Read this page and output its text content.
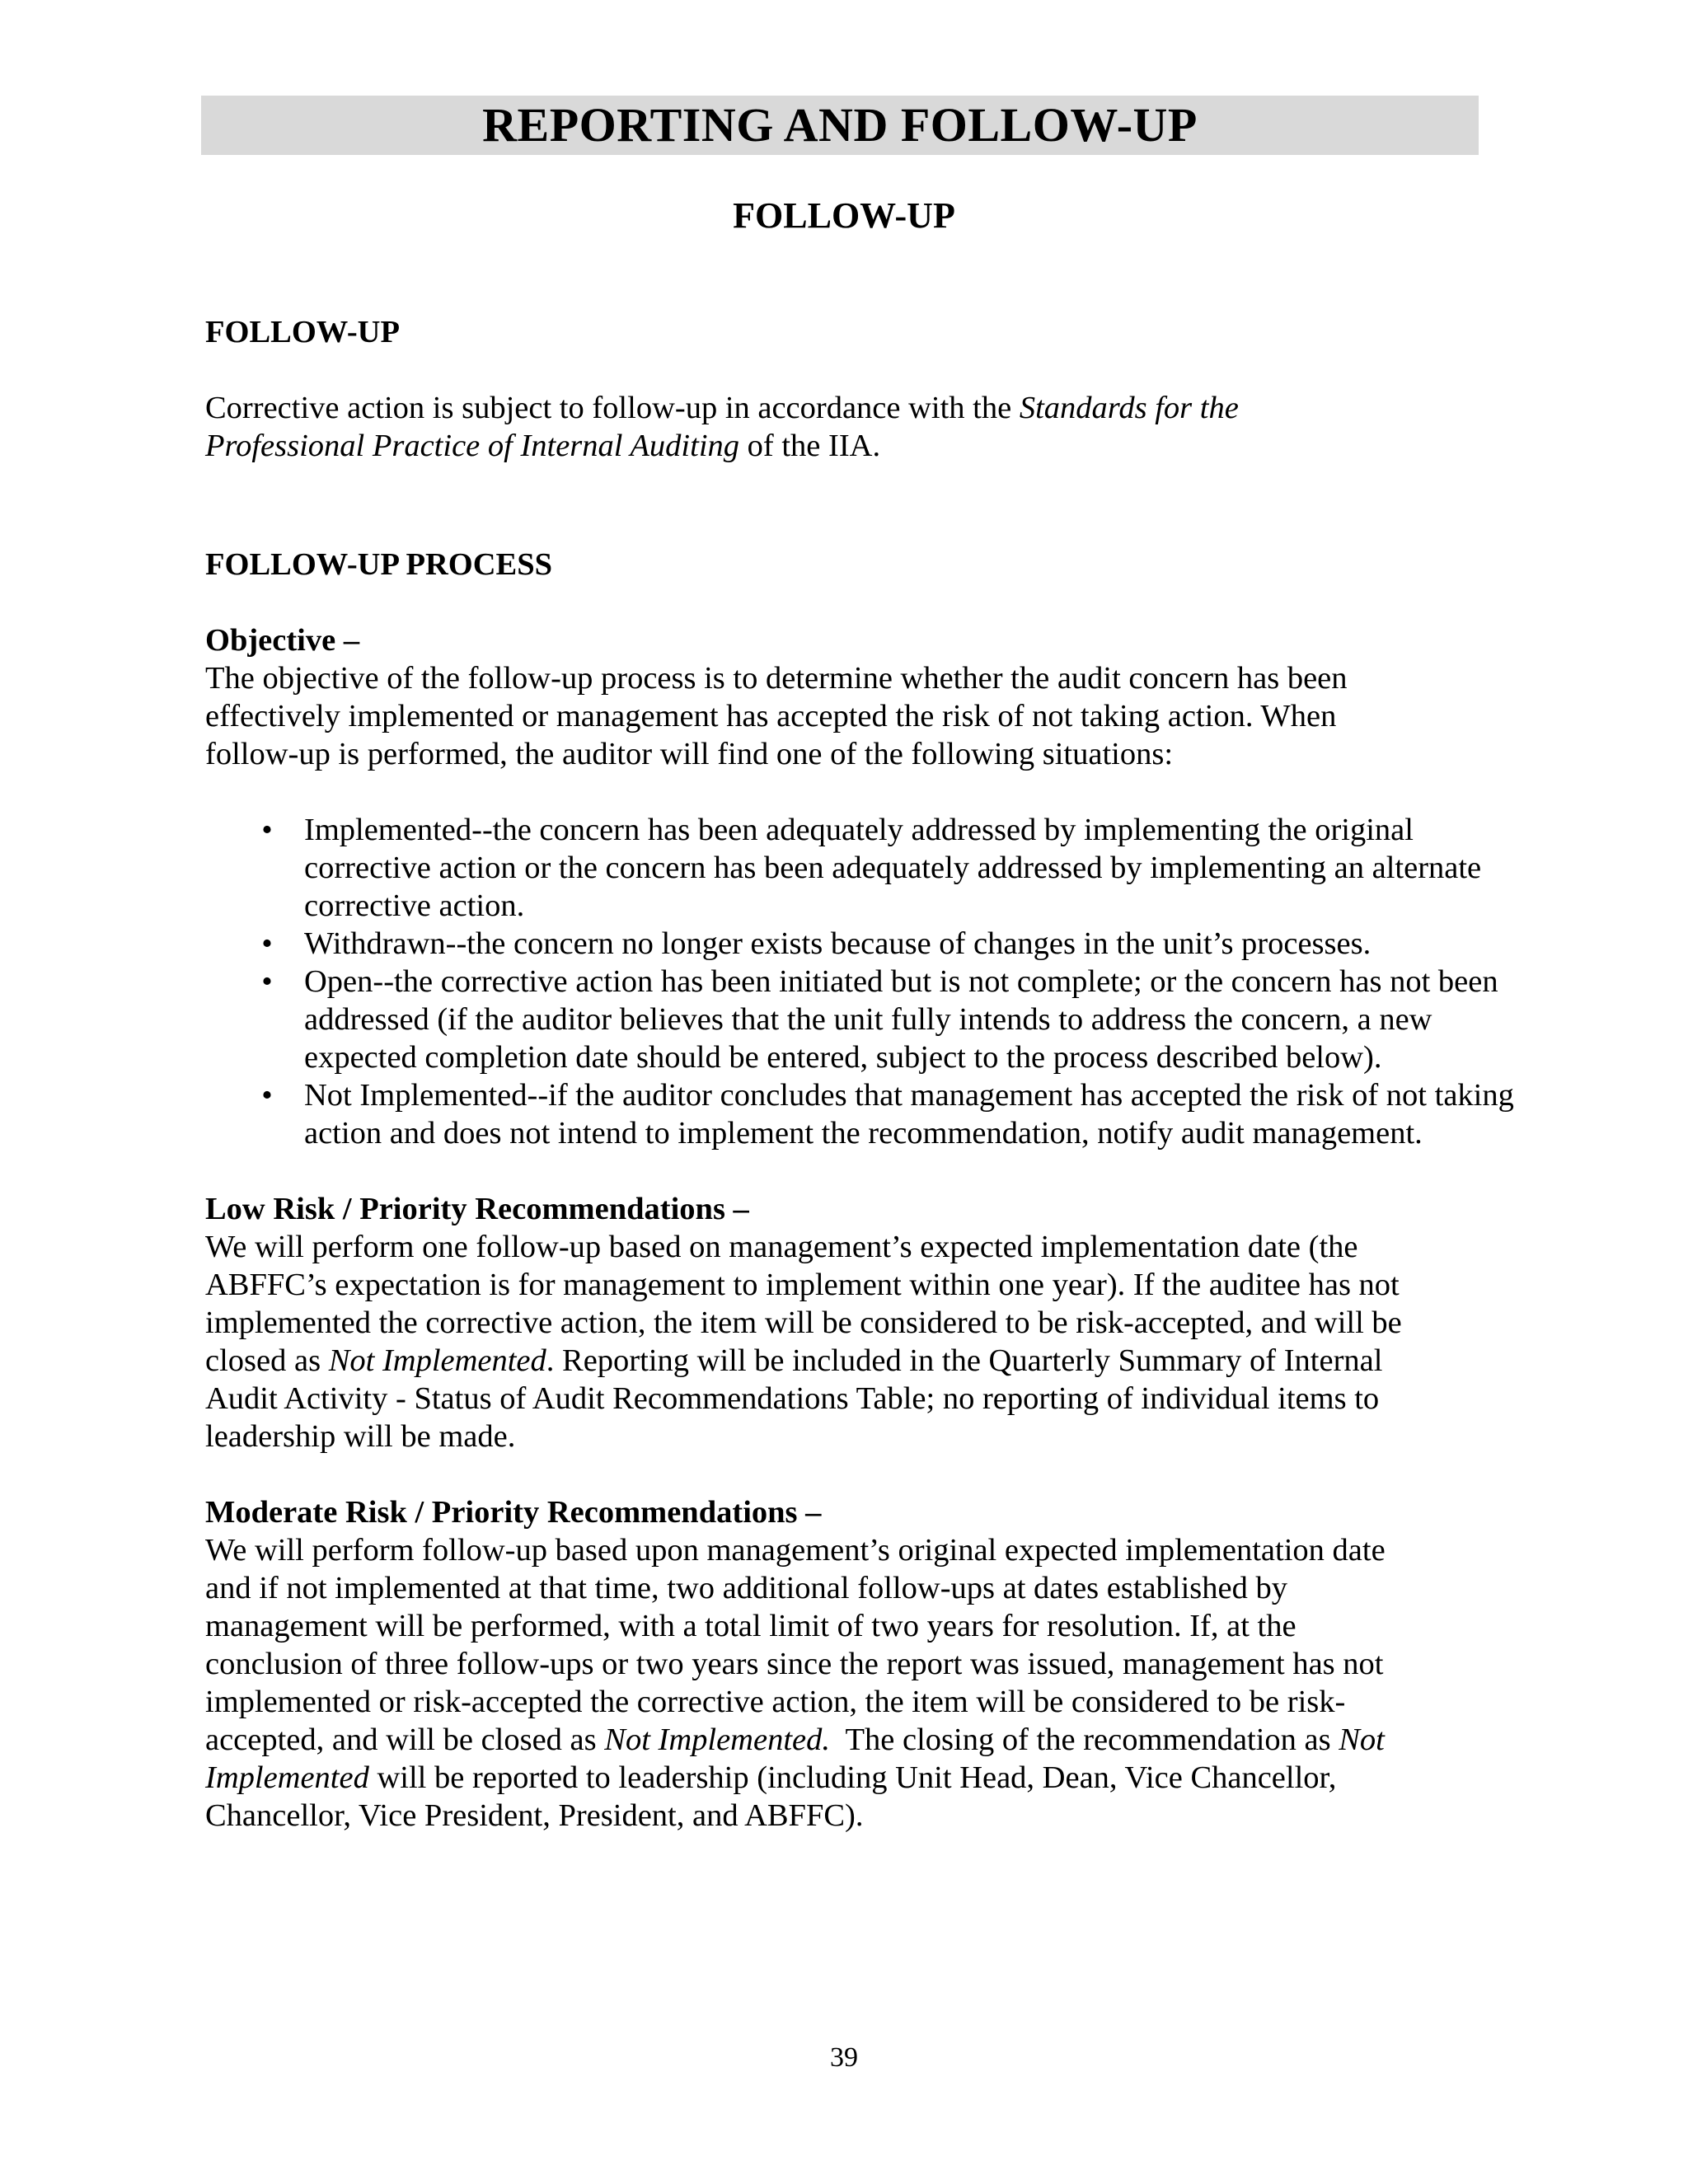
REPORTING AND FOLLOW-UP
FOLLOW-UP

FOLLOW-UP

Corrective action is subject to follow-up in accordance with the Standards for the Professional Practice of Internal Auditing of the IIA.

FOLLOW-UP PROCESS

Objective –

The objective of the follow-up process is to determine whether the audit concern has been effectively implemented or management has accepted the risk of not taking action. When follow-up is performed, the auditor will find one of the following situations:

• Implemented--the concern has been adequately addressed by implementing the original corrective action or the concern has been adequately addressed by implementing an alternate corrective action.
• Withdrawn--the concern no longer exists because of changes in the unit’s processes.
• Open--the corrective action has been initiated but is not complete; or the concern has not been addressed (if the auditor believes that the unit fully intends to address the concern, a new expected completion date should be entered, subject to the process described below).
• Not Implemented--if the auditor concludes that management has accepted the risk of not taking action and does not intend to implement the recommendation, notify audit management.

Low Risk / Priority Recommendations –

We will perform one follow-up based on management’s expected implementation date (the ABFFC’s expectation is for management to implement within one year). If the auditee has not implemented the corrective action, the item will be considered to be risk-accepted, and will be closed as Not Implemented. Reporting will be included in the Quarterly Summary of Internal Audit Activity - Status of Audit Recommendations Table; no reporting of individual items to leadership will be made.

Moderate Risk / Priority Recommendations –

We will perform follow-up based upon management’s original expected implementation date and if not implemented at that time, two additional follow-ups at dates established by management will be performed, with a total limit of two years for resolution. If, at the conclusion of three follow-ups or two years since the report was issued, management has not implemented or risk-accepted the corrective action, the item will be considered to be risk-accepted, and will be closed as Not Implemented.  The closing of the recommendation as Not Implemented will be reported to leadership (including Unit Head, Dean, Vice Chancellor, Chancellor, Vice President, President, and ABFFC).

39
